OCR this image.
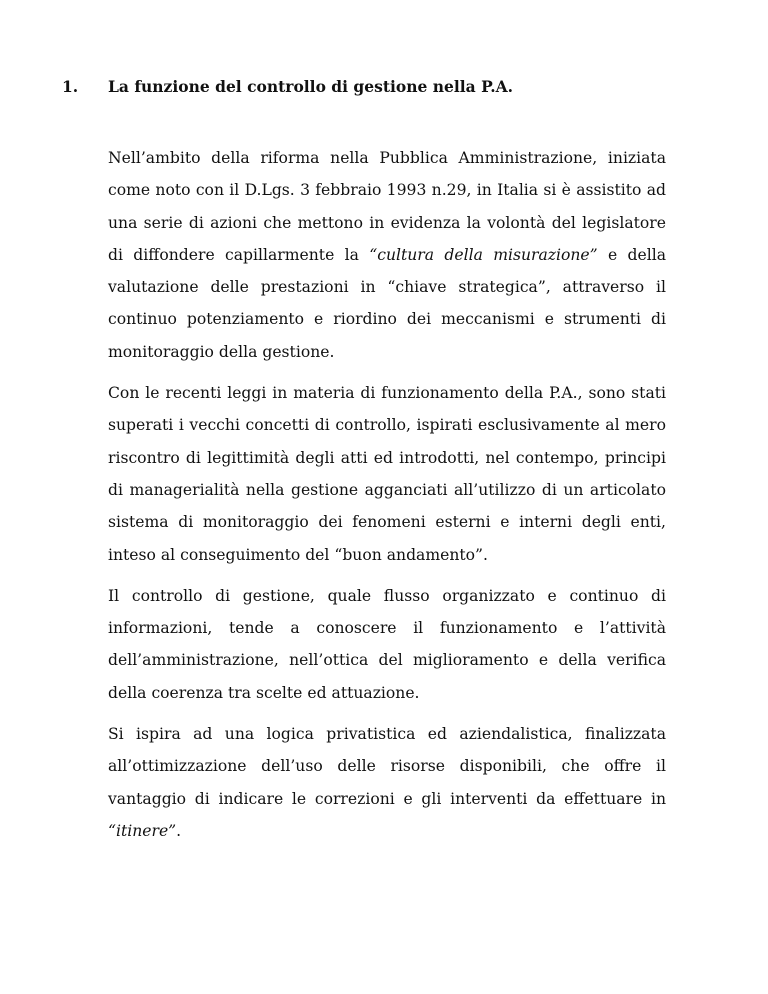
1.	La funzione del controllo di gestione nella P.A.

Nell’ambito della riforma nella Pubblica Amministrazione, iniziata come noto con il D.Lgs. 3 febbraio 1993 n.29, in Italia si è assistito ad una serie di azioni che mettono in evidenza la volontà del legislatore di diffondere capillarmente la “cultura della misurazione” e della valutazione delle prestazioni in “chiave strategica”, attraverso il continuo potenziamento e riordino dei meccanismi e strumenti di monitoraggio della gestione.

Con le recenti leggi in materia di funzionamento della P.A., sono stati superati i vecchi concetti di controllo, ispirati esclusivamente al mero riscontro di legittimità degli atti ed introdotti, nel contempo, principi di managerialità nella gestione agganciati all’utilizzo di un articolato sistema di monitoraggio dei fenomeni esterni e interni degli enti, inteso al conseguimento del “buon andamento”.

Il controllo di gestione, quale flusso organizzato e continuo di informazioni, tende a conoscere il funzionamento e l’attività dell’amministrazione, nell’ottica del miglioramento e della verifica della coerenza tra scelte ed attuazione.

Si ispira ad una logica privatistica ed aziendalistica, finalizzata all’ottimizzazione dell’uso delle risorse disponibili, che offre il vantaggio di indicare le correzioni e gli interventi da effettuare in “itinere”.
